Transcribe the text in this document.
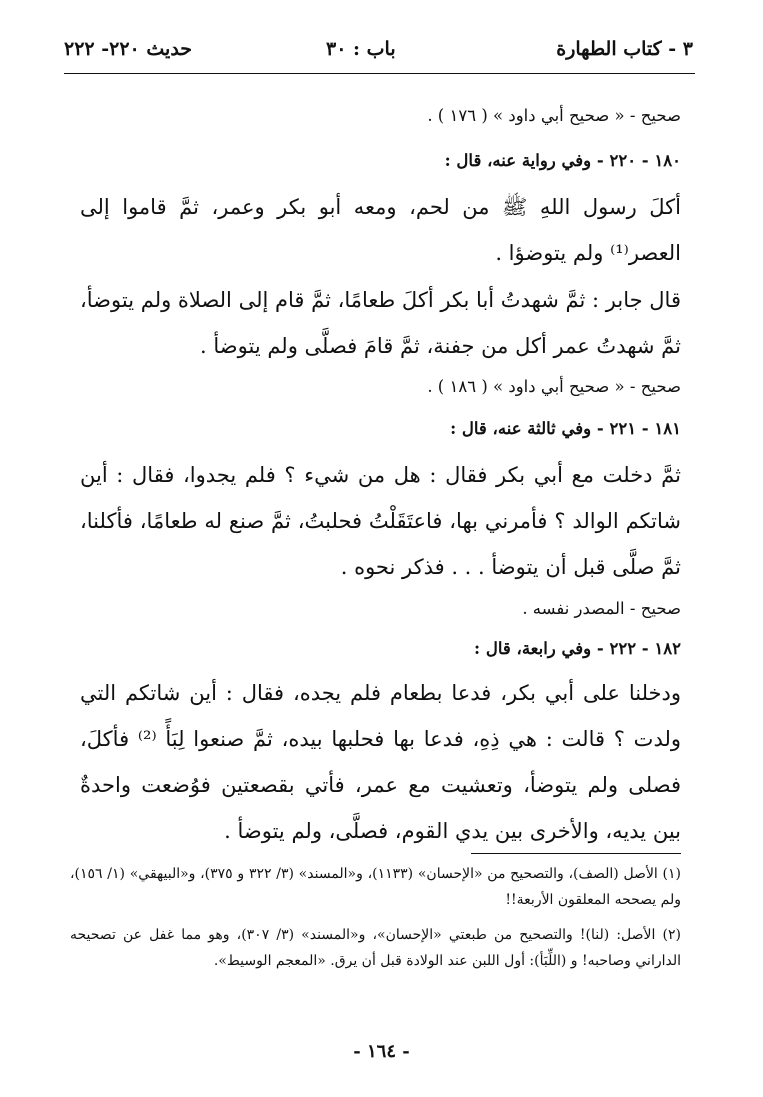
٣ - كتاب الطهارة
باب : ٣٠
حديث ٢٢٠- ٢٢٢
صحيح - « صحيح أبي داود » ( ١٧٦ ) .
١٨٠ - ٢٢٠ - وفي رواية عنه، قال :
أكلَ رسول اللهِ ﷺ من لحم، ومعه أبو بكر وعمر، ثمَّ قاموا إلى العصر⁽¹⁾ ولم يتوضؤا .
قال جابر : ثمَّ شهدتُ أبا بكر أكلَ طعامًا، ثمَّ قام إلى الصلاة ولم يتوضأ، ثمَّ شهدتُ عمر أكل من جفنة، ثمَّ قامَ فصلَّى ولم يتوضأ .
صحيح - « صحيح أبي داود » ( ١٨٦ ) .
١٨١ - ٢٢١ - وفي ثالثة عنه، قال :
ثمَّ دخلت مع أبي بكر فقال : هل من شيء ؟ فلم يجدوا، فقال : أين شاتكم الوالد ؟ فأمرني بها، فاعتَقَلْتُ فحلبتُ، ثمَّ صنع له طعامًا، فأكلنا، ثمَّ صلَّى قبل أن يتوضأ . . . فذكر نحوه .
صحيح - المصدر نفسه .
١٨٢ - ٢٢٢ - وفي رابعة، قال :
ودخلنا على أبي بكر، فدعا بطعام فلم يجده، فقال : أين شاتكم التي ولدت ؟ قالت : هي ذِهِ، فدعا بها فحلبها بيده، ثمَّ صنعوا لِبَأً ⁽²⁾ فأكلَ، فصلى ولم يتوضأ، وتعشيت مع عمر، فأتي بقصعتين فوُضعت واحدةٌ بين يديه، والأخرى بين يدي القوم، فصلَّى، ولم يتوضأ .
(١) الأصل (الصف)، والتصحيح من «الإحسان» (١١٣٣)، و«المسند» (٣/ ٣٢٢ و ٣٧٥)، و«البيهقي» (١/ ١٥٦)، ولم يصححه المعلقون الأربعة!!
(٢) الأصل: (لنا)! والتصحيح من طبعتي «الإحسان»، و«المسند» (٣/ ٣٠٧)، وهو مما غفل عن تصحيحه الداراني وصاحبه! و (اللِّبَأ): أول اللبن عند الولادة قبل أن يرق. «المعجم الوسيط».
- ١٦٤ -
